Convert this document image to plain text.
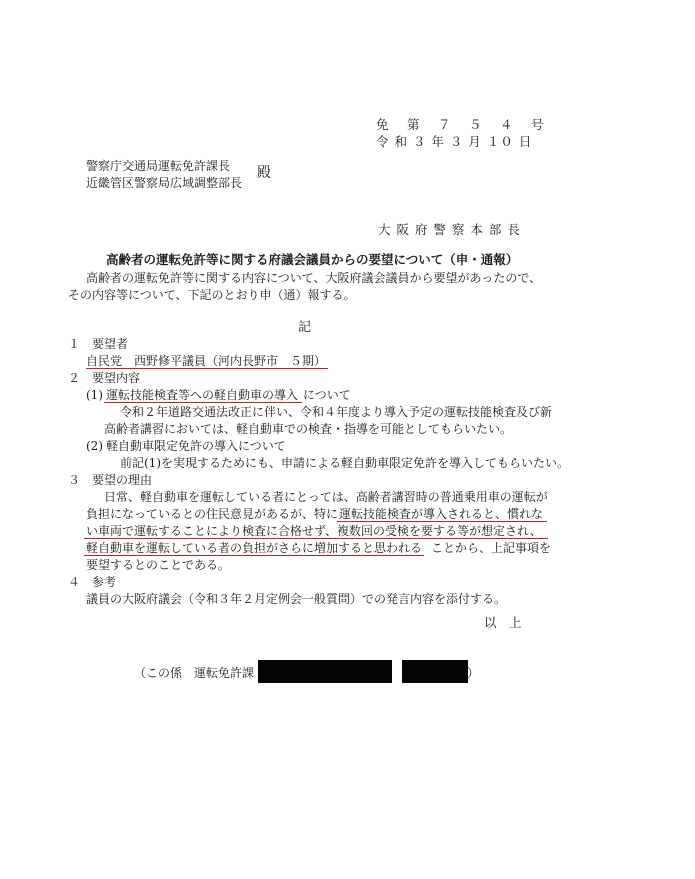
免　第　７　５　４　号
令 和 ３ 年 ３ 月 １０ 日
警察庁交通局運転免許課長
近畿管区警察局広域調整部長
殿
大 阪 府 警 察 本 部 長
高齢者の運転免許等に関する府議会議員からの要望について（申・通報）
高齢者の運転免許等に関する内容について、大阪府議会議員から要望があったので、
その内容等について、下記のとおり申（通）報する。
記
１　要望者
自民党　西野修平議員（河内長野市　５期）
２　要望内容
(1) 運転技能検査等への軽自動車の導入 について
令和２年道路交通法改正に伴い、令和４年度より導入予定の運転技能検査及び新
高齢者講習においては、軽自動車での検査・指導を可能としてもらいたい。
(2) 軽自動車限定免許の導入について
前記(1)を実現するためにも、申請による軽自動車限定免許を導入してもらいたい。
３　要望の理由
日常、軽自動車を運転している者にとっては、高齢者講習時の普通乗用車の運転が
負担になっているとの住民意見があるが、特に 運転技能検査が導入されると、慣れな
い車両で運転することにより検査に合格せず、複数回の受検を要する等が想定され、
軽自動車を運転している者の負担がさらに増加すると思われる ことから、上記事項を
要望するとのことである。
４　参考
議員の大阪府議会（令和３年２月定例会一般質問）での発言内容を添付する。
以　上
（この係　運転免許課	）
